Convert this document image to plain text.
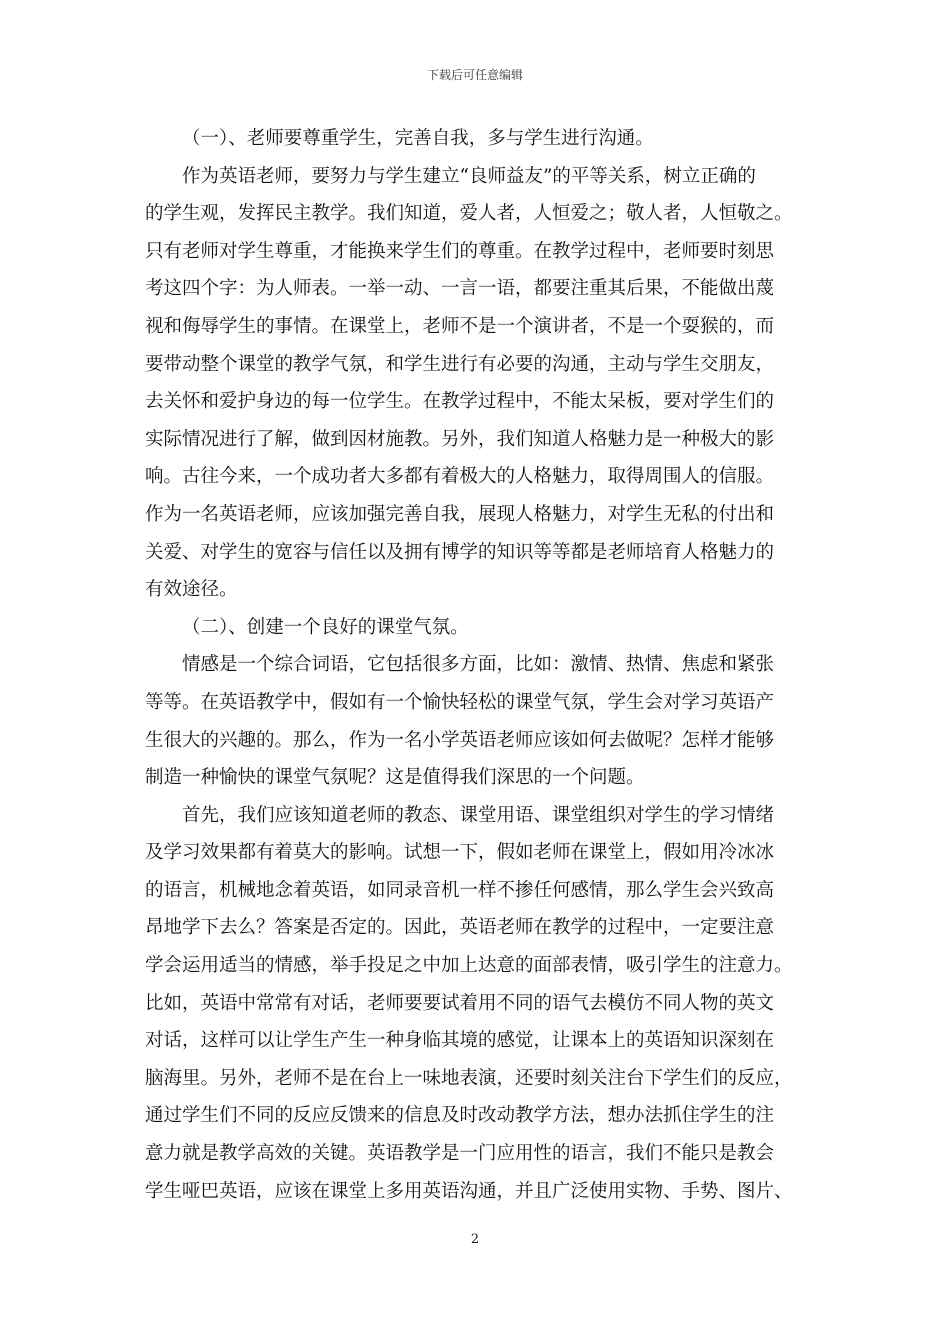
下载后可任意编辑
（一）、老师要尊重学生，完善自我，多与学生进行沟通。
作为英语老师，要努力与学生建立“良师益友”的平等关系，树立正确的
的学生观，发挥民主教学。我们知道，爱人者，人恒爱之；敬人者，人恒敬之。
只有老师对学生尊重，才能换来学生们的尊重。在教学过程中，老师要时刻思
考这四个字：为人师表。一举一动、一言一语，都要注重其后果，不能做出蔑
视和侮辱学生的事情。在课堂上，老师不是一个演讲者，不是一个耍猴的，而
要带动整个课堂的教学气氛，和学生进行有必要的沟通，主动与学生交朋友，
去关怀和爱护身边的每一位学生。在教学过程中，不能太呆板，要对学生们的
实际情况进行了解，做到因材施教。另外，我们知道人格魅力是一种极大的影
响。古往今来，一个成功者大多都有着极大的人格魅力，取得周围人的信服。
作为一名英语老师，应该加强完善自我，展现人格魅力，对学生无私的付出和
关爱、对学生的宽容与信任以及拥有博学的知识等等都是老师培育人格魅力的
有效途径。
（二）、创建一个良好的课堂气氛。
情感是一个综合词语，它包括很多方面，比如：激情、热情、焦虑和紧张
等等。在英语教学中，假如有一个愉快轻松的课堂气氛，学生会对学习英语产
生很大的兴趣的。那么，作为一名小学英语老师应该如何去做呢？怎样才能够
制造一种愉快的课堂气氛呢？这是值得我们深思的一个问题。
首先，我们应该知道老师的教态、课堂用语、课堂组织对学生的学习情绪
及学习效果都有着莫大的影响。试想一下，假如老师在课堂上，假如用冷冰冰
的语言，机械地念着英语，如同录音机一样不掺任何感情，那么学生会兴致高
昂地学下去么？答案是否定的。因此，英语老师在教学的过程中，一定要注意
学会运用适当的情感，举手投足之中加上达意的面部表情，吸引学生的注意力。
比如，英语中常常有对话，老师要要试着用不同的语气去模仿不同人物的英文
对话，这样可以让学生产生一种身临其境的感觉，让课本上的英语知识深刻在
脑海里。另外，老师不是在台上一味地表演，还要时刻关注台下学生们的反应，
通过学生们不同的反应反馈来的信息及时改动教学方法，想办法抓住学生的注
意力就是教学高效的关键。英语教学是一门应用性的语言，我们不能只是教会
学生哑巴英语，应该在课堂上多用英语沟通，并且广泛使用实物、手势、图片、
2
